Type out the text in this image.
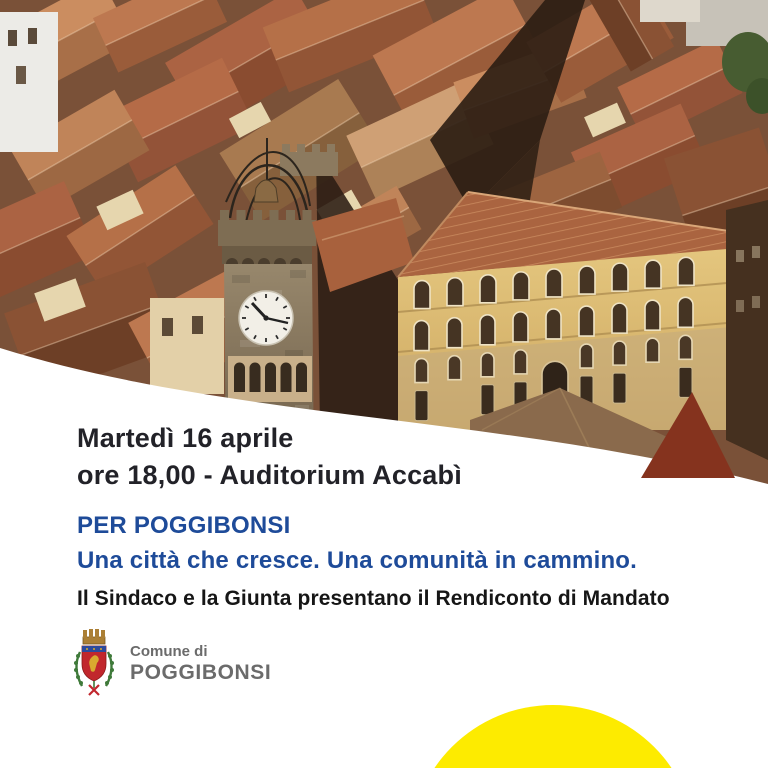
Martedì 16 aprile
ore 18,00 - Auditorium Accabì
PER POGGIBONSI
Una città che cresce. Una comunità in cammino.
Il Sindaco e la Giunta presentano il Rendiconto di Mandato
Comune di
POGGIBONSI
